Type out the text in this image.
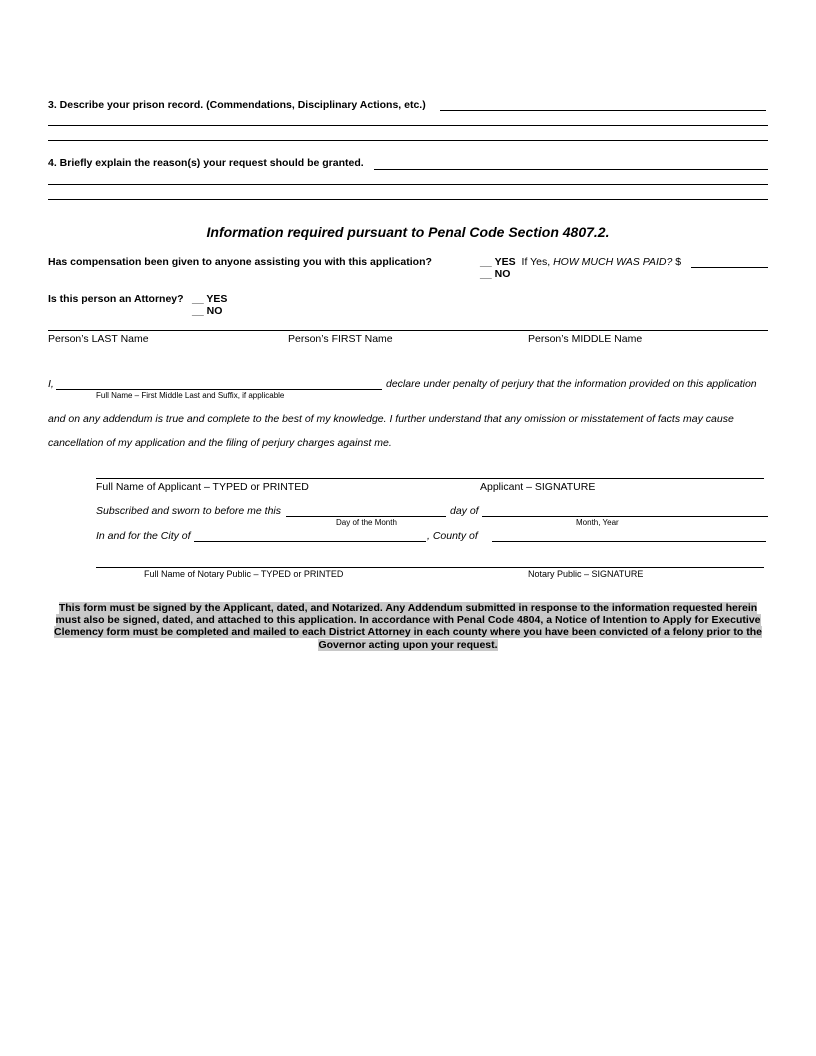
3. Describe your prison record. (Commendations, Disciplinary Actions, etc.)
4. Briefly explain the reason(s) your request should be granted.
Information required pursuant to Penal Code Section 4807.2.
Has compensation been given to anyone assisting you with this application?	__ YES If Yes, HOW MUCH WAS PAID? $
__ NO
Is this person an Attorney? __ YES
__ NO
Person’s LAST Name	Person’s FIRST Name	Person’s MIDDLE Name
I,	declare under penalty of perjury that the information provided on this application
Full Name – First Middle Last and Suffix, if applicable
and on any addendum is true and complete to the best of my knowledge. I further understand that any omission or misstatement of facts may cause
cancellation of my application and the filing of perjury charges against me.
Full Name of Applicant – TYPED or PRINTED	Applicant – SIGNATURE
Subscribed and sworn to before me this	day of
Day of the Month	Month, Year
In and for the City of	, County of
Full Name of Notary Public – TYPED or PRINTED	Notary Public – SIGNATURE
This form must be signed by the Applicant, dated, and Notarized. Any Addendum submitted in response to the information requested herein
must also be signed, dated, and attached to this application. In accordance with Penal Code 4804, a Notice of Intention to Apply for Executive
Clemency form must be completed and mailed to each District Attorney in each county where you have been convicted of a felony prior to the
Governor acting upon your request.
